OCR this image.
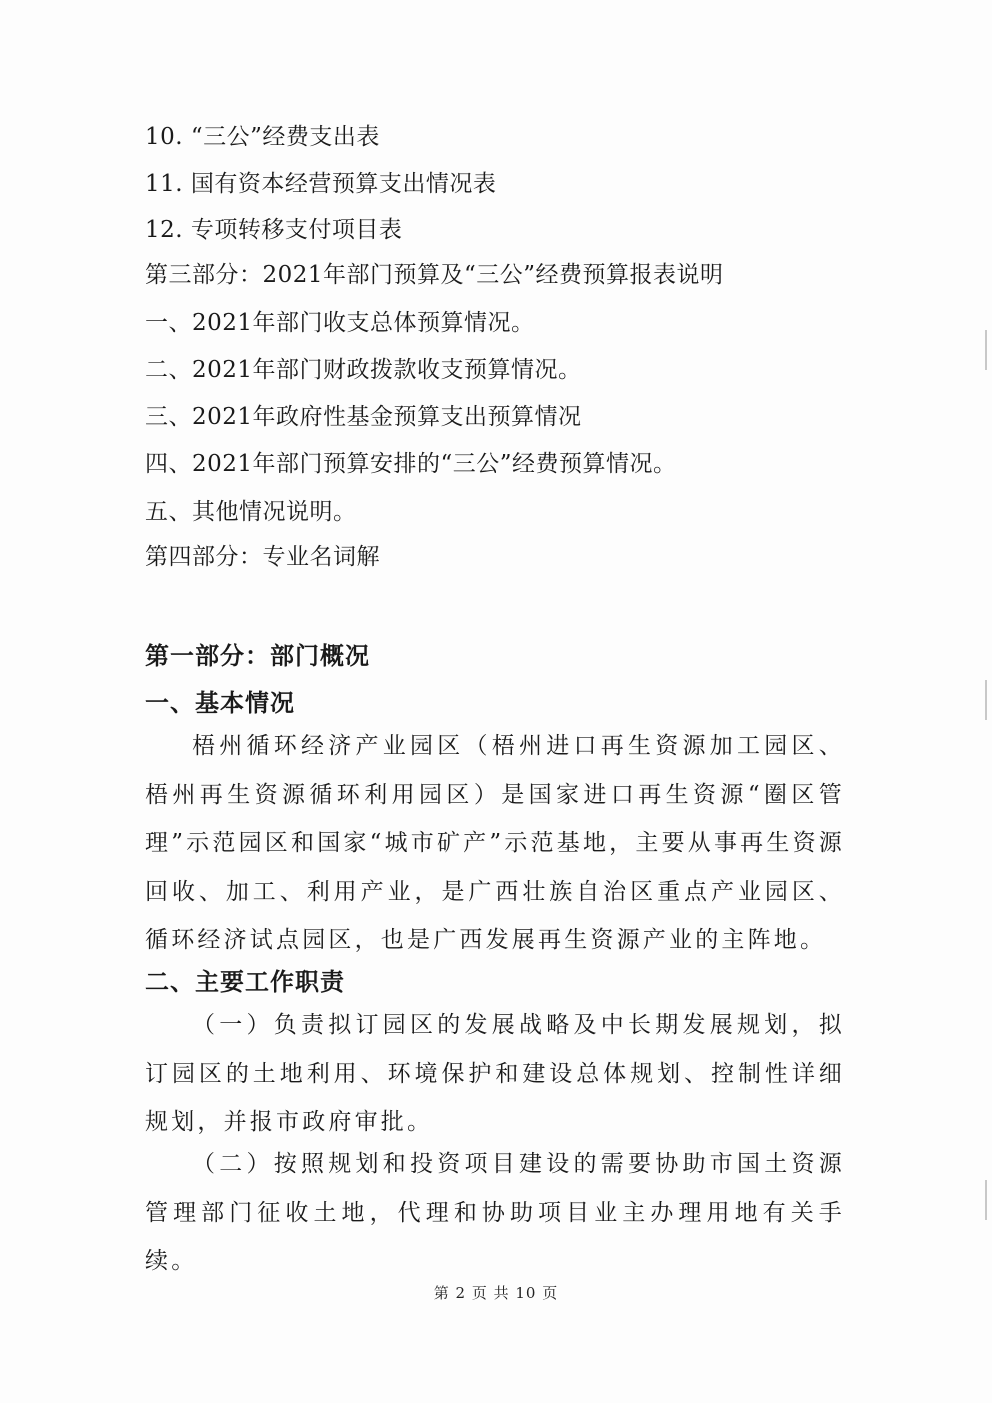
10. “三公”经费支出表
11. 国有资本经营预算支出情况表
12. 专项转移支付项目表
第三部分：2021年部门预算及“三公”经费预算报表说明
一、2021年部门收支总体预算情况。
二、2021年部门财政拨款收支预算情况。
三、2021年政府性基金预算支出预算情况
四、2021年部门预算安排的“三公”经费预算情况。
五、其他情况说明。
第四部分：专业名词解
第一部分：部门概况
一、基本情况
梧州循环经济产业园区（梧州进口再生资源加工园区、梧州再生资源循环利用园区）是国家进口再生资源“圈区管理”示范园区和国家“城市矿产”示范基地，主要从事再生资源回收、加工、利用产业，是广西壮族自治区重点产业园区、循环经济试点园区，也是广西发展再生资源产业的主阵地。
二、主要工作职责
（一）负责拟订园区的发展战略及中长期发展规划，拟订园区的土地利用、环境保护和建设总体规划、控制性详细规划，并报市政府审批。
（二）按照规划和投资项目建设的需要协助市国土资源管理部门征收土地，代理和协助项目业主办理用地有关手续。
第 2 页 共 10 页
